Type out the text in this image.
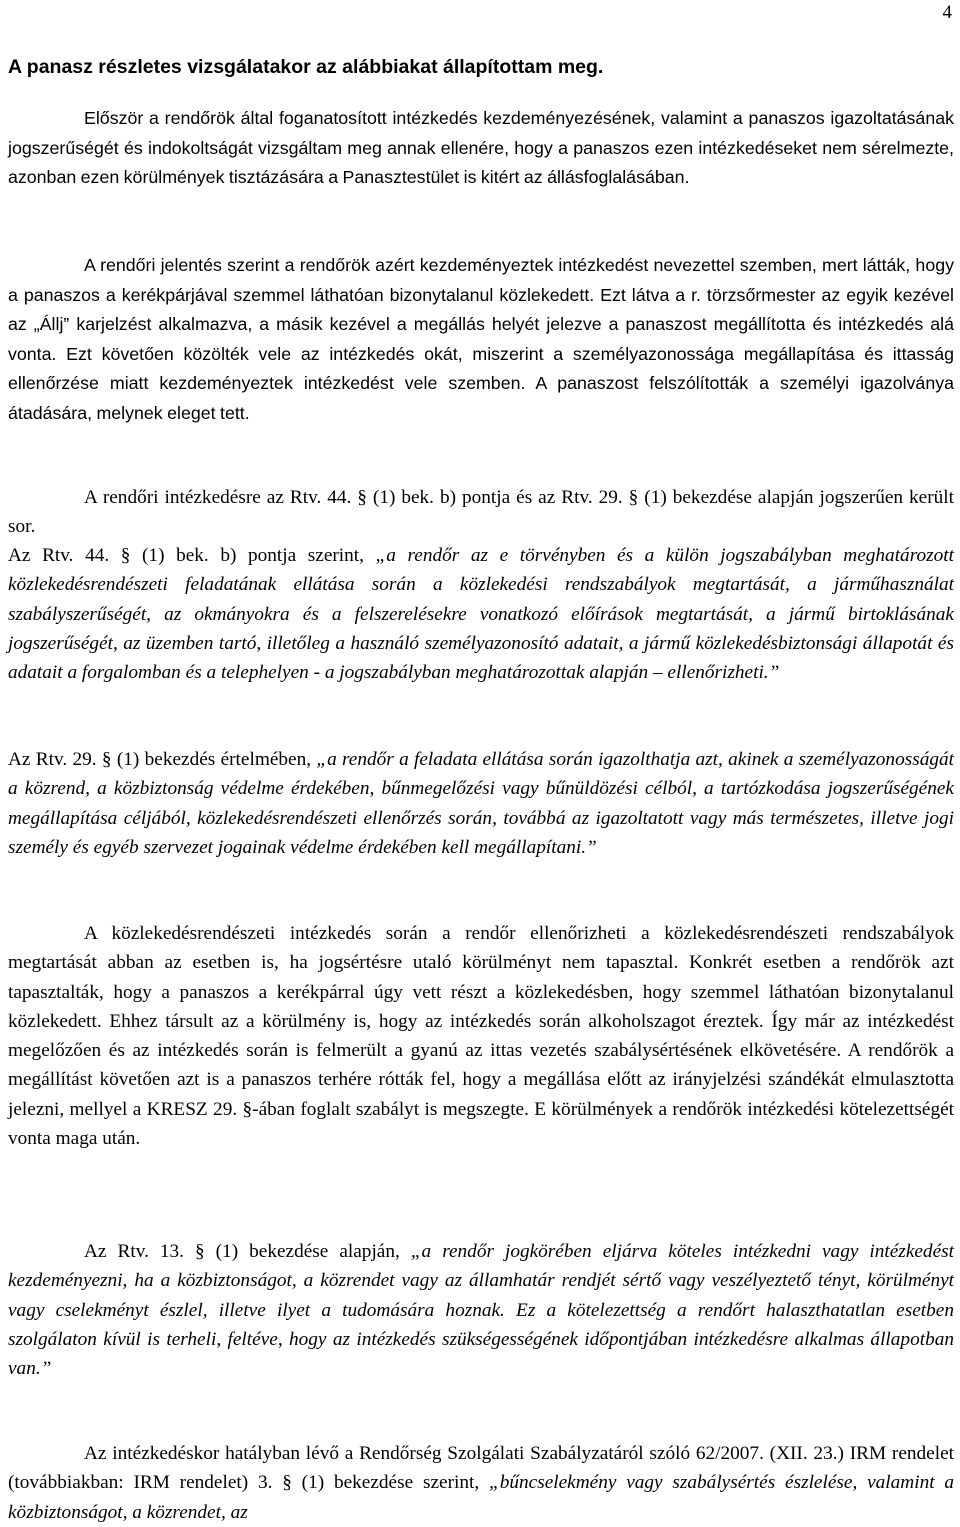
4

A panasz részletes vizsgálatakor az alábbiakat állapítottam meg.

Először a rendőrök által foganatosított intézkedés kezdeményezésének, valamint a panaszos igazoltatásának jogszerűségét és indokoltságát vizsgáltam meg annak ellenére, hogy a panaszos ezen intézkedéseket nem sérelmezte, azonban ezen körülmények tisztázására a Panasztestület is kitért az állásfoglalásában.

A rendőri jelentés szerint a rendőrök azért kezdeményeztek intézkedést nevezettel szemben, mert látták, hogy a panaszos a kerékpárjával szemmel láthatóan bizonytalanul közlekedett. Ezt látva a r. törzsőrmester az egyik kezével az „Állj” karjelzést alkalmazva, a másik kezével a megállás helyét jelezve a panaszost megállította és intézkedés alá vonta. Ezt követően közölték vele az intézkedés okát, miszerint a személyazonossága megállapítása és ittasság ellenőrzése miatt kezdeményeztek intézkedést vele szemben. A panaszost felszólították a személyi igazolványa átadására, melynek eleget tett.

A rendőri intézkedésre az Rtv. 44. § (1) bek. b) pontja és az Rtv. 29. § (1) bekezdése alapján jogszerűen került sor.

Az Rtv. 44. § (1) bek. b) pontja szerint, „a rendőr az e törvényben és a külön jogszabályban meghatározott közlekedésrendészeti feladatának ellátása során a közlekedési rendszabályok megtartását, a járműhasználat szabályszerűségét, az okmányokra és a felszerelésekre vonatkozó előírások megtartását, a jármű birtoklásának jogszerűségét, az üzemben tartó, illetőleg a használó személyazonosító adatait, a jármű közlekedésbiztonsági állapotát és adatait a forgalomban és a telephelyen - a jogszabályban meghatározottak alapján – ellenőrizheti.”

Az Rtv. 29. § (1) bekezdés értelmében, „a rendőr a feladata ellátása során igazolthatja azt, akinek a személyazonosságát a közrend, a közbiztonság védelme érdekében, bűnmegelőzési vagy bűnüldözési célból, a tartózkodása jogszerűségének megállapítása céljából, közlekedésrendészeti ellenőrzés során, továbbá az igazoltatott vagy más természetes, illetve jogi személy és egyéb szervezet jogainak védelme érdekében kell megállapítani.”

A közlekedésrendészeti intézkedés során a rendőr ellenőrizheti a közlekedésrendészeti rendszabályok megtartását abban az esetben is, ha jogsértésre utaló körülményt nem tapasztal. Konkrét esetben a rendőrök azt tapasztalták, hogy a panaszos a kerékpárral úgy vett részt a közlekedésben, hogy szemmel láthatóan bizonytalanul közlekedett. Ehhez társult az a körülmény is, hogy az intézkedés során alkoholszagot éreztek. Így már az intézkedést megelőzően és az intézkedés során is felmerült a gyanú az ittas vezetés szabálysértésének elkövetésére. A rendőrök a megállítást követően azt is a panaszos terhére rótták fel, hogy a megállása előtt az irányjelzési szándékát elmulasztotta jelezni, mellyel a KRESZ 29. §-ában foglalt szabályt is megszegte. E körülmények a rendőrök intézkedési kötelezettségét vonta maga után.

Az Rtv. 13. § (1) bekezdése alapján, „a rendőr jogkörében eljárva köteles intézkedni vagy intézkedést kezdeményezni, ha a közbiztonságot, a közrendet vagy az államhatár rendjét sértő vagy veszélyeztető tényt, körülményt vagy cselekményt észlel, illetve ilyet a tudomására hoznak. Ez a kötelezettség a rendőrt halaszthatatlan esetben szolgálaton kívül is terheli, feltéve, hogy az intézkedés szükségességének időpontjában intézkedésre alkalmas állapotban van.”

Az intézkedéskor hatályban lévő a Rendőrség Szolgálati Szabályzatáról szóló 62/2007. (XII. 23.) IRM rendelet (továbbiakban: IRM rendelet) 3. § (1) bekezdése szerint, „bűncselekmény vagy szabálysértés észlelése, valamint a közbiztonságot, a közrendet, az
